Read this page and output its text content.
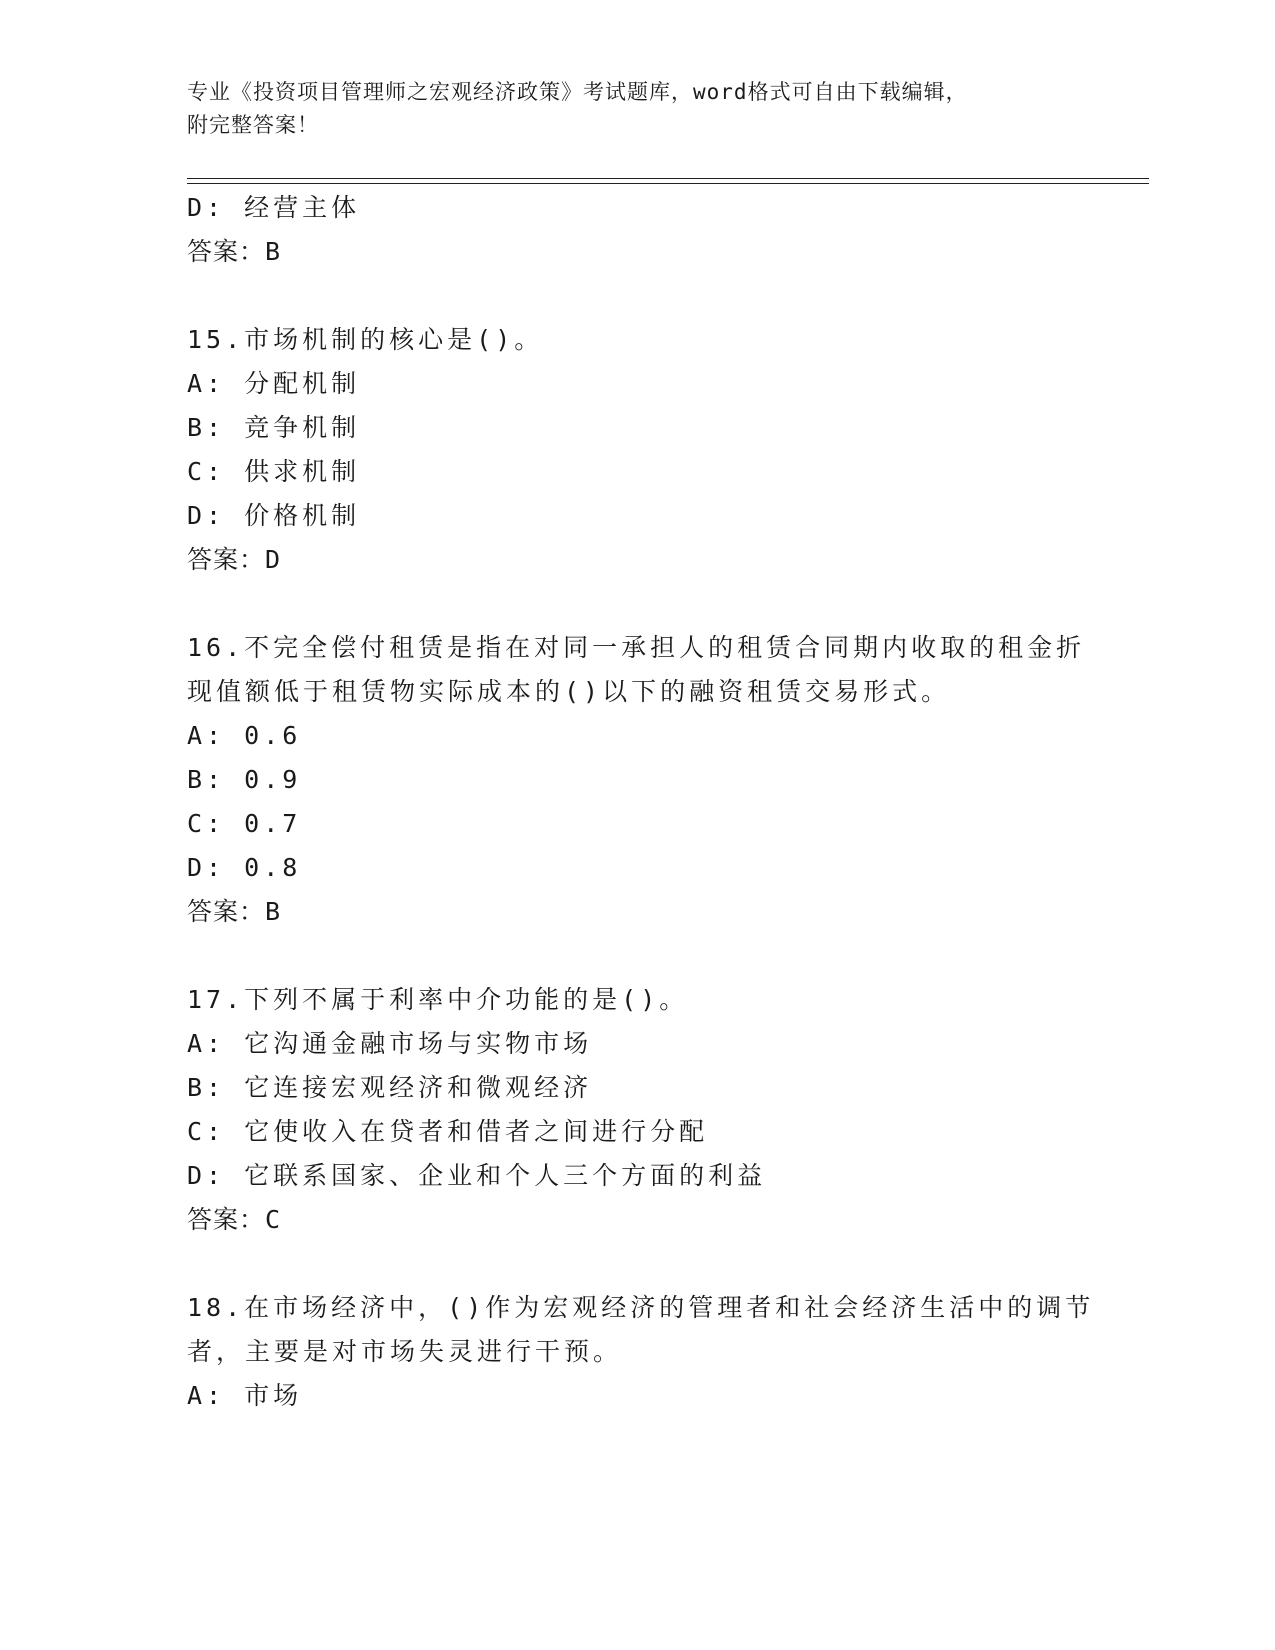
专业《投资项目管理师之宏观经济政策》考试题库，word格式可自由下载编辑，
附完整答案！
D: 经营主体
答案：B
15.市场机制的核心是()。
A: 分配机制
B: 竞争机制
C: 供求机制
D: 价格机制
答案：D
16.不完全偿付租赁是指在对同一承担人的租赁合同期内收取的租金折
现值额低于租赁物实际成本的()以下的融资租赁交易形式。
A: 0.6
B: 0.9
C: 0.7
D: 0.8
答案：B
17.下列不属于利率中介功能的是()。
A: 它沟通金融市场与实物市场
B: 它连接宏观经济和微观经济
C: 它使收入在贷者和借者之间进行分配
D: 它联系国家、企业和个人三个方面的利益
答案：C
18.在市场经济中，()作为宏观经济的管理者和社会经济生活中的调节
者，主要是对市场失灵进行干预。
A: 市场
